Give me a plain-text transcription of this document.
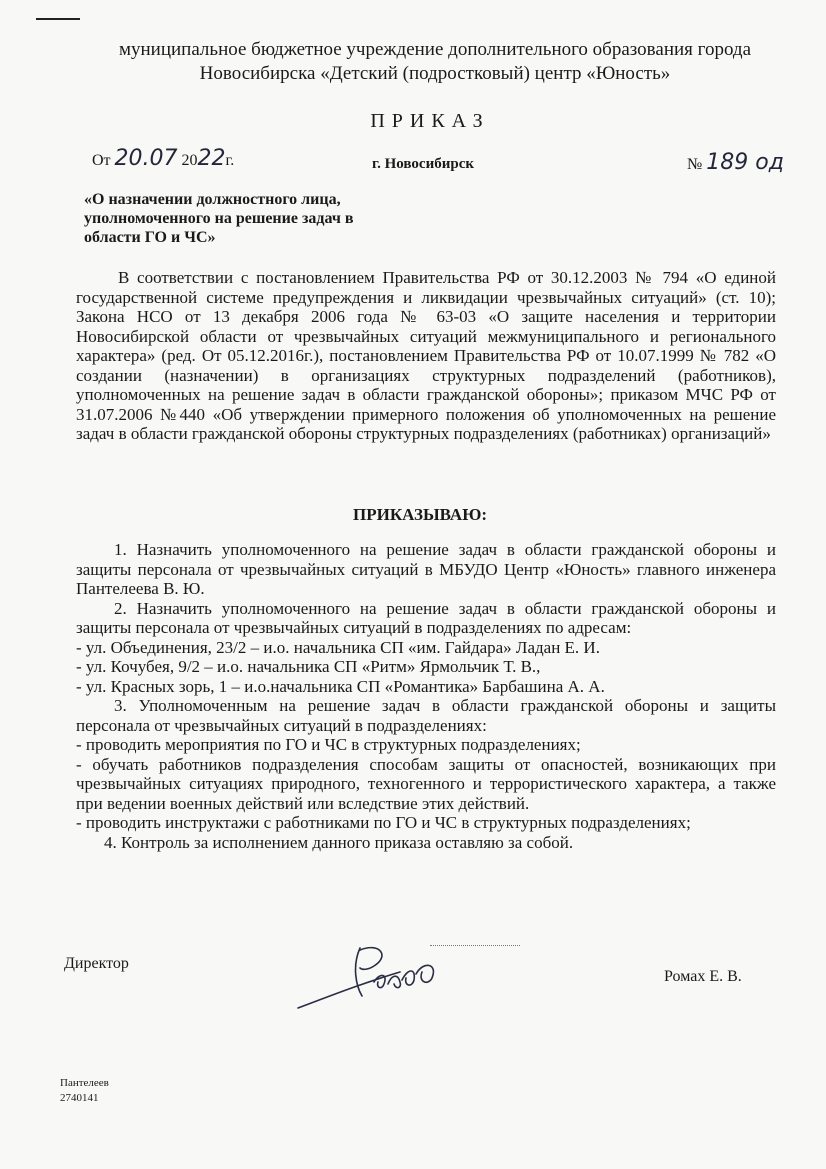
муниципальное бюджетное учреждение дополнительного образования города
Новосибирска «Детский (подростковый) центр «Юность»
ПРИКАЗ
От 20.07 2022г.	г. Новосибирск	№ 189 од
«О назначении должностного лица,
уполномоченного на решение задач в
области ГО и ЧС»
В соответствии с постановлением Правительства РФ от 30.12.2003 № 794 «О единой государственной системе предупреждения и ликвидации чрезвычайных ситуаций» (ст. 10); Закона НСО от 13 декабря 2006 года № 63-03 «О защите населения и территории Новосибирской области от чрезвычайных ситуаций межмуниципального и регионального характера» (ред. От 05.12.2016г.), постановлением Правительства РФ от 10.07.1999 № 782 «О создании (назначении) в организациях структурных подразделений (работников), уполномоченных на решение задач в области гражданской обороны»; приказом МЧС РФ от 31.07.2006 №440 «Об утверждении примерного положения об уполномоченных на решение задач в области гражданской обороны структурных подразделениях (работниках) организаций»
ПРИКАЗЫВАЮ:

1. Назначить уполномоченного на решение задач в области гражданской обороны и защиты персонала от чрезвычайных ситуаций в МБУДО Центр «Юность» главного инженера Пантелеева В. Ю.

2. Назначить уполномоченного на решение задач в области гражданской обороны и защиты персонала от чрезвычайных ситуаций в подразделениях по адресам:

- ул. Объединения, 23/2 – и.о. начальника СП «им. Гайдара» Ладан Е. И.

- ул. Кочубея, 9/2 – и.о. начальника СП «Ритм» Ярмольчик Т. В.,

- ул. Красных зорь, 1 – и.о.начальника СП «Романтика» Барбашина А. А.

3. Уполномоченным на решение задач в области гражданской обороны и защиты персонала от чрезвычайных ситуаций в подразделениях:

- проводить мероприятия по ГО и ЧС в структурных подразделениях;

- обучать работников подразделения способам защиты от опасностей, возникающих при чрезвычайных ситуациях природного, техногенного и террористического характера, а также при ведении военных действий или вследствие этих действий.

- проводить инструктажи с работниками по ГО и ЧС в структурных подразделениях;

4. Контроль за исполнением данного приказа оставляю за собой.

Директор
Ромах Е. В.
Пантелеев
2740141
